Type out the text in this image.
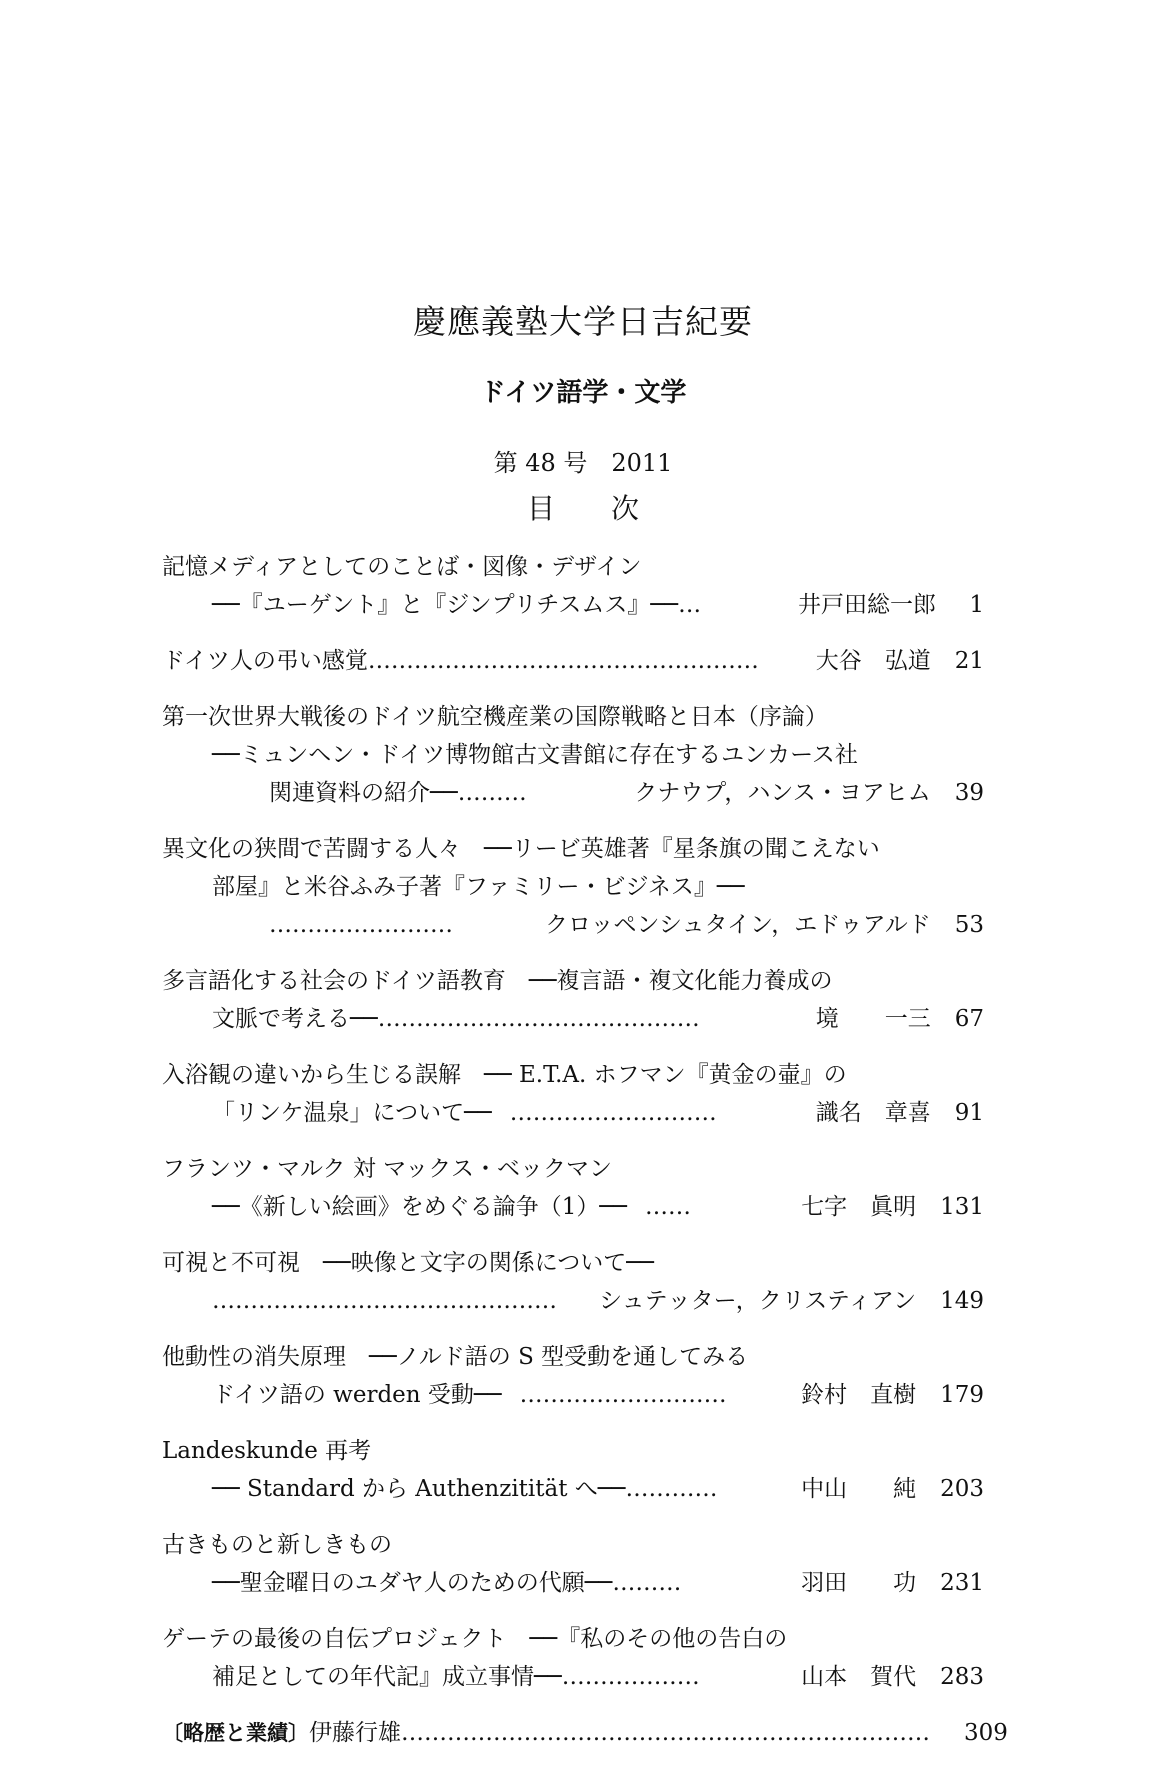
慶應義塾大学日吉紀要
ドイツ語学・文学
第 48 号　2011
目次
記憶メディアとしてのことば・図像・デザイン
──『ユーゲント』と『ジンプリチスムス』── …	井戸田総一郎	1
ドイツ人の弔い感覚 …………………………………………… 大谷　弘道 21
第一次世界大戦後のドイツ航空機産業の国際戦略と日本（序論）
──ミュンヘン・ドイツ博物館古文書館に存在するユンカース社
関連資料の紹介── ………	クナウプ，ハンス・ヨアヒム 39
異文化の狭間で苦闘する人々　──リービ英雄著『星条旗の聞こえない
部屋』と米谷ふみ子著『ファミリー・ビジネス』──
……………………	クロッペンシュタイン，エドゥアルド 53
多言語化する社会のドイツ語教育　──複言語・複文化能力養成の
文脈で考える── ……………………………………	境　　一三 67
入浴観の違いから生じる誤解　── E.T.A. ホフマン『黄金の壷』の
「リンケ温泉」について── ………………………	識名　章喜 91
フランツ・マルク 対 マックス・ベックマン
──《新しい絵画》をめぐる論争（1）── ……	七字　眞明 131
可視と不可視　──映像と文字の関係について──
……………………………………… シュテッター，クリスティアン 149
他動性の消失原理　──ノルド語の S 型受動を通してみる
ドイツ語の werden 受動── ………………………	鈴村　直樹 179
Landeskunde 再考
── Standard から Authenzitität へ── …………	中山　　純 203
古きものと新しきもの
──聖金曜日のユダヤ人のための代願── ………	羽田　　功 231
ゲーテの最後の自伝プロジェクト　──『私のその他の告白の
補足としての年代記』成立事情── ………………	山本　賀代 283
〔略歴と業績〕 伊藤行雄 …………………………………………………………… 309
